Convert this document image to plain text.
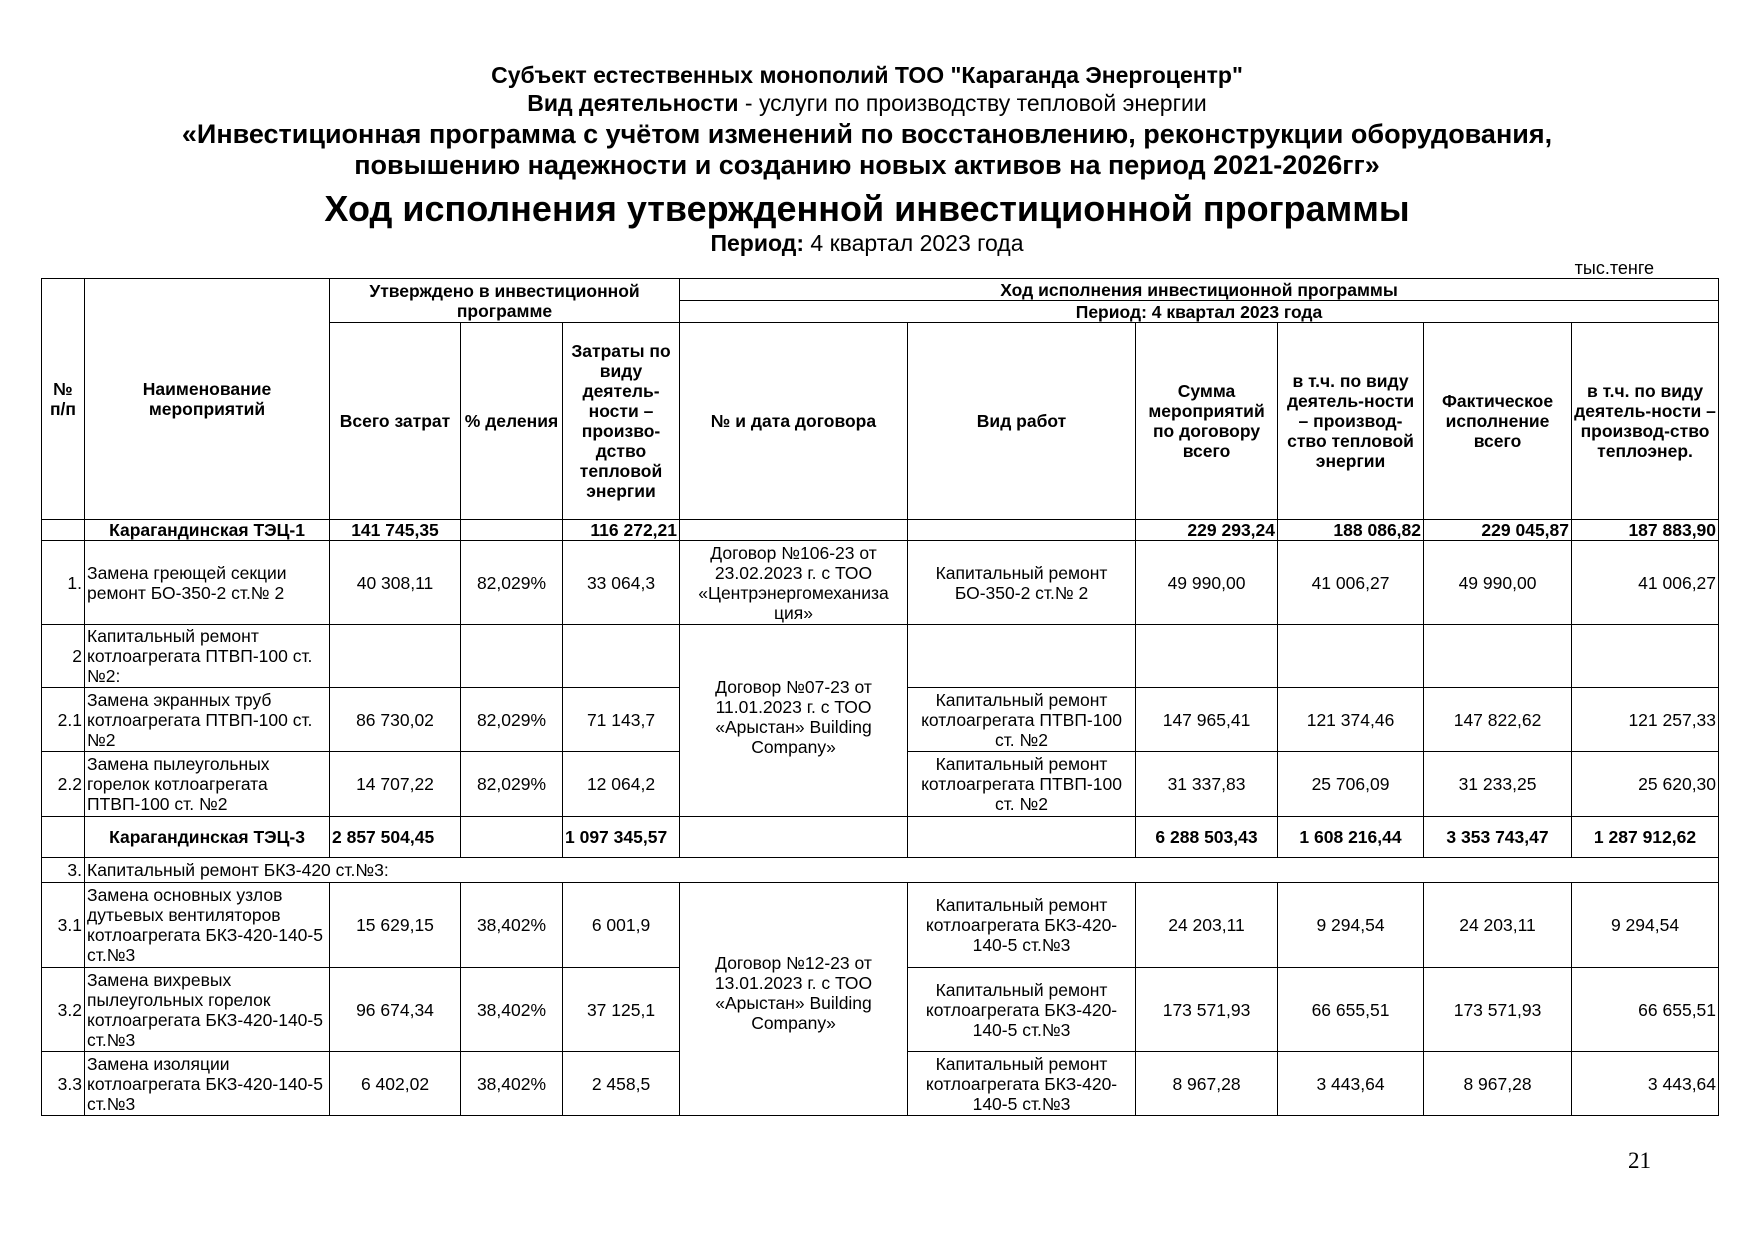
Субъект естественных монополий ТОО "Караганда Энергоцентр"
Вид деятельности - услуги по производству тепловой энергии
«Инвестиционная программа с учётом изменений по восстановлению, реконструкции оборудования,
повышению надежности и созданию новых активов на период 2021-2026гг»
Ход исполнения утвержденной инвестиционной программы
Период: 4 квартал 2023 года
тыс.тенге
№ п/п	Наименование мероприятий	Утверждено в инвестиционной программе			Ход исполнения инвестиционной программы					
					Период: 4 квартал 2023 года					
		Всего затрат	% деления	Затраты по виду деятель-ности – произво-дство тепловой энергии	№ и дата договора	Вид работ	Сумма мероприятий по договору всего	в т.ч. по виду деятель-ности – производ-ство тепловой энергии	Фактическое исполнение всего	в т.ч. по виду деятель-ности – производ-ство теплоэнер.
	Карагандинская ТЭЦ-1	141 745,35		116 272,21			229 293,24	188 086,82	229 045,87	187 883,90
1.	Замена греющей секции ремонт БО-350-2 ст.№ 2	40 308,11	82,029%	33 064,3	Договор №106-23 от 23.02.2023 г. с ТОО «Центрэнергомеханиза ция»	Капитальный ремонт БО-350-2 ст.№ 2	49 990,00	41 006,27	49 990,00	41 006,27
2	Капитальный ремонт котлоагрегата ПТВП-100 ст.№2:				Договор №07-23 от 11.01.2023 г. с ТОО «Арыстан» Building Company»					
2.1	Замена экранных труб котлоагрегата ПТВП-100 ст. №2	86 730,02	82,029%	71 143,7		Капитальный ремонт котлоагрегата ПТВП-100 ст. №2	147 965,41	121 374,46	147 822,62	121 257,33
2.2	Замена пылеугольных горелок котлоагрегата ПТВП-100 ст. №2	14 707,22	82,029%	12 064,2		Капитальный ремонт котлоагрегата ПТВП-100 ст. №2	31 337,83	25 706,09	31 233,25	25 620,30
	Карагандинская ТЭЦ-3	2 857 504,45		1 097 345,57			6 288 503,43	1 608 216,44	3 353 743,47	1 287 912,62
3.	Капитальный ремонт БКЗ-420 ст.№3:									
3.1	Замена основных узлов дутьевых вентиляторов котлоагрегата БКЗ-420-140-5 ст.№3	15 629,15	38,402%	6 001,9	Договор №12-23 от 13.01.2023 г. с ТОО «Арыстан» Building Company»	Капитальный ремонт котлоагрегата БКЗ-420-140-5 ст.№3	24 203,11	9 294,54	24 203,11	9 294,54
3.2	Замена вихревых пылеугольных горелок котлоагрегата БКЗ-420-140-5 ст.№3	96 674,34	38,402%	37 125,1		Капитальный ремонт котлоагрегата БКЗ-420-140-5 ст.№3	173 571,93	66 655,51	173 571,93	66 655,51
3.3	Замена изоляции котлоагрегата БКЗ-420-140-5 ст.№3	6 402,02	38,402%	2 458,5		Капитальный ремонт котлоагрегата БКЗ-420-140-5 ст.№3	8 967,28	3 443,64	8 967,28	3 443,64
21
